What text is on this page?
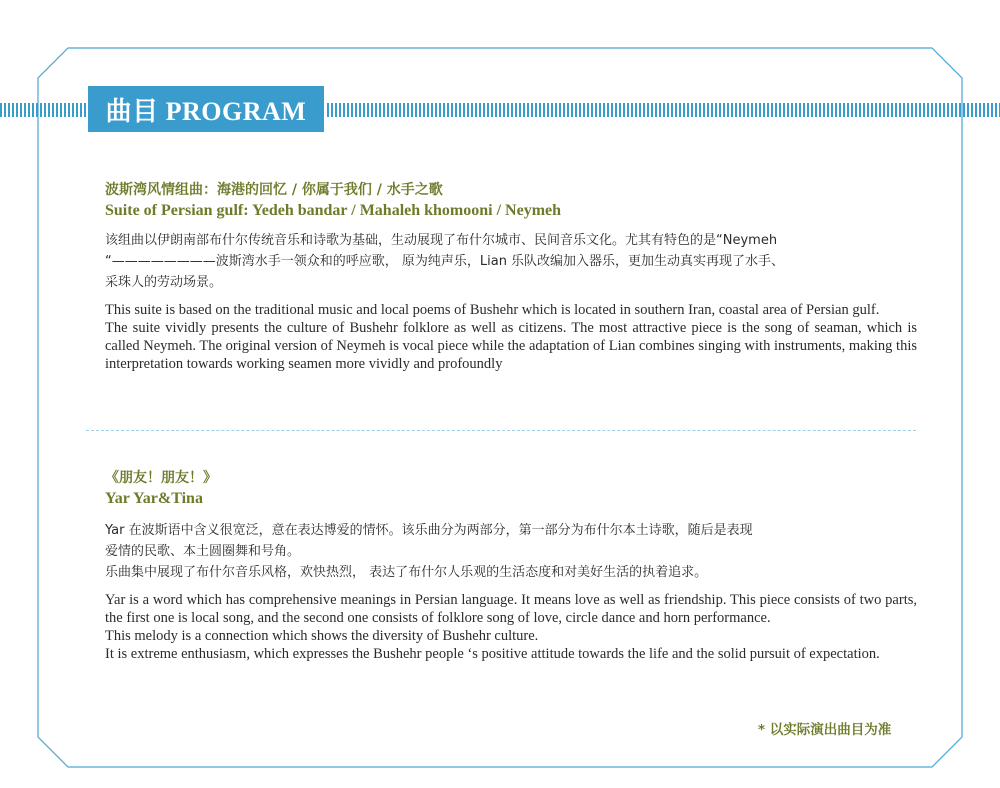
曲目 PROGRAM
波斯湾风情组曲：海港的回忆 / 你属于我们 / 水手之歌
Suite of Persian gulf: Yedeh bandar / Mahaleh khomooni / Neymeh

该组曲以伊朗南部布什尔传统音乐和诗歌为基础，生动展现了布什尔城市、民间音乐文化。尤其有特色的是“Neymeh

“————————波斯湾水手一领众和的呼应歌， 原为纯声乐，Lian 乐队改编加入器乐，更加生动真实再现了水手、

采珠人的劳动场景。

This suite is based on the traditional music and local poems of Bushehr which is located in southern Iran, coastal area of Persian gulf.

The suite vividly presents the culture of Bushehr folklore as well as citizens. The most attractive piece is the song of seaman, which is called Neymeh. The original version of Neymeh is vocal piece while the adaptation of Lian combines singing with instruments, making this interpretation towards working seamen more vividly and profoundly

《朋友！朋友！》
Yar Yar&Tina

Yar 在波斯语中含义很宽泛，意在表达博爱的情怀。该乐曲分为两部分，第一部分为布什尔本土诗歌，随后是表现

爱情的民歌、本土圆圈舞和号角。

乐曲集中展现了布什尔音乐风格，欢快热烈， 表达了布什尔人乐观的生活态度和对美好生活的执着追求。

Yar is a word which has comprehensive meanings in Persian language. It means love as well as friendship. This piece consists of two parts, the first one is local song, and the second one consists of folklore song of love, circle dance and horn performance.

This melody is a connection which shows the diversity of Bushehr culture.

It is extreme enthusiasm, which expresses the Bushehr people ‘s positive attitude towards the life and the solid pursuit of expectation.

* 以实际演出曲目为准
